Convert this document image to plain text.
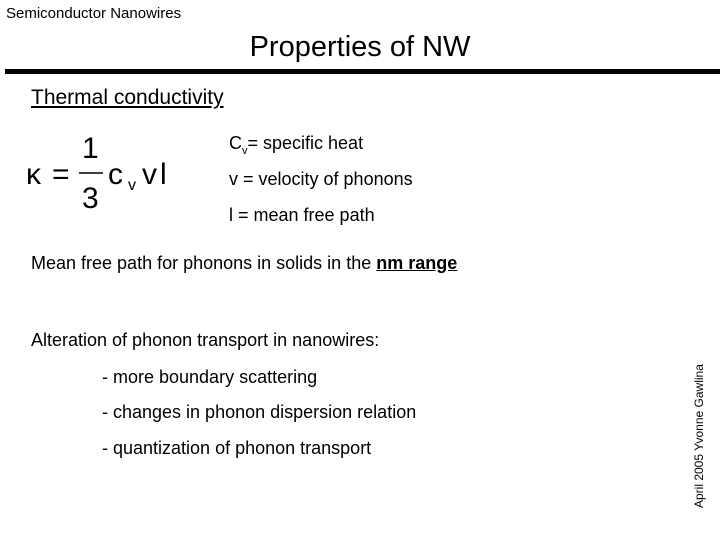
Semiconductor Nanowires
Properties of NW
Thermal conductivity
κ =
1
3
c v v l
$C_v=$ specific heat
v = velocity of phonons
l = mean free path
Mean free path for phonons in solids in the nm range
Alteration of phonon transport in nanowires:
- more boundary scattering
- changes in phonon dispersion relation
- quantization of phonon transport	April 2005 Yvonne Gawlina
